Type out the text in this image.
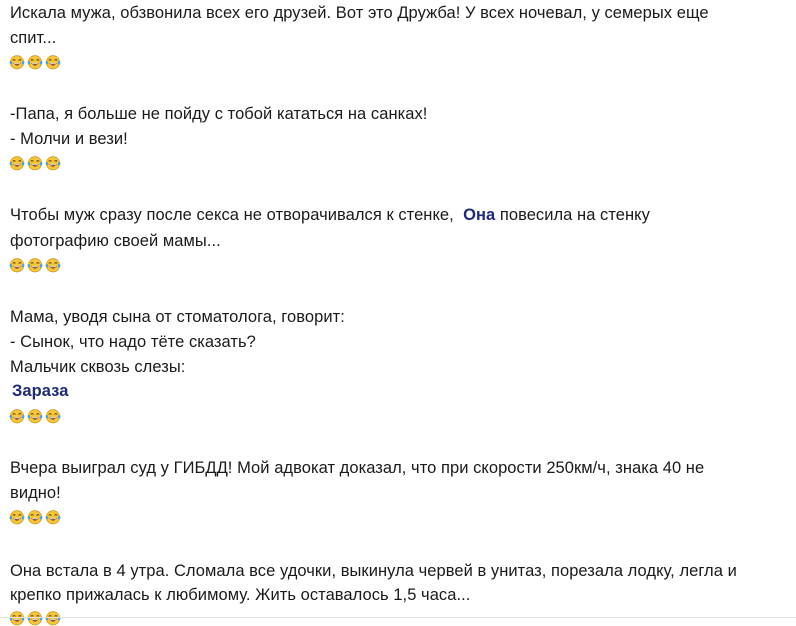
Искала мужа, обзвонила всех его друзей. Вот это Дружба! У всех ночевал, у семерых еще
спит...
-Папа, я больше не пойду с тобой кататься на санках!
- Молчи и вези!
Чтобы муж сразу после секса не отворачивался к стенке, Она повесила на стенку
фотографию своей мамы...
Мама, уводя сына от стоматолога, говорит:
- Сынок, что надо тёте сказать?
Мальчик сквозь слезы:
Зараза
Вчера выиграл суд у ГИБДД! Мой адвокат доказал, что при скорости 250км/ч, знака 40 не
видно!
Она встала в 4 утра. Сломала все удочки, выкинула червей в унитаз, порезала лодку, легла и
крепко прижалась к любимому. Жить оставалось 1,5 часа...
